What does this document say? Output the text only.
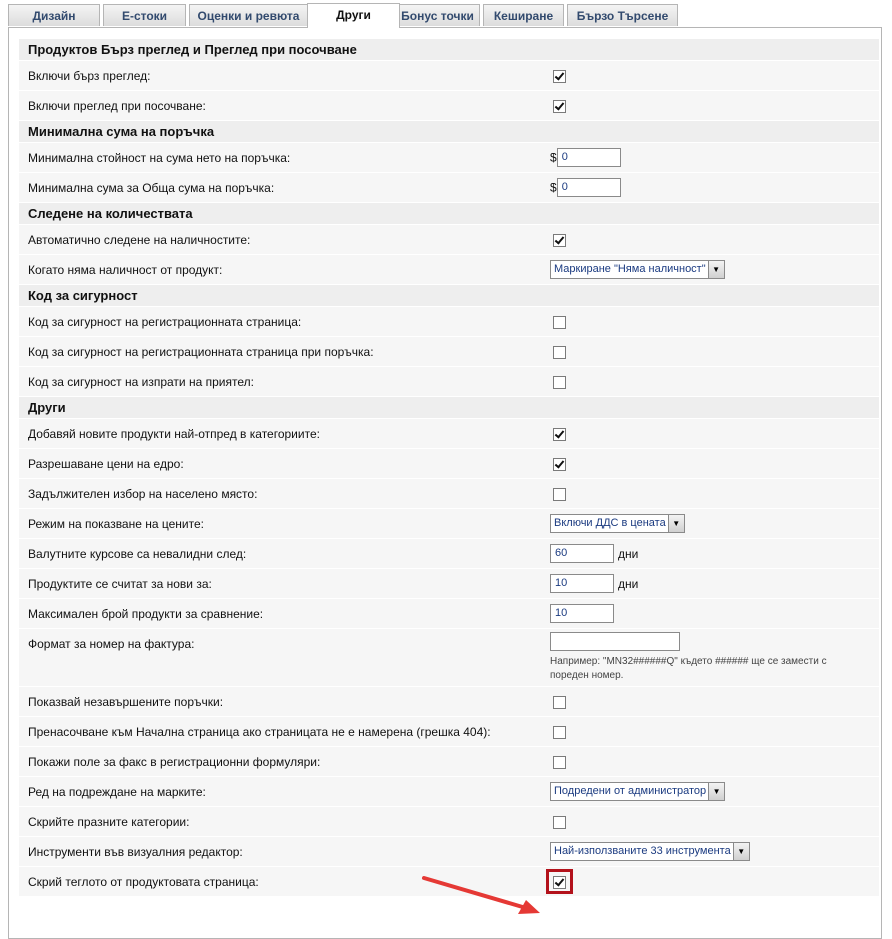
Дизайн	Е-стоки	Оценки и ревюта	Други	Бонус точки	Кеширане	Бързо Търсене
Продуктов Бърз преглед и Преглед при посочване	
Включи бърз преглед:	
Включи преглед при посочване:	
Минимална сума на поръчка	
Минимална стойност на сума нето на поръчка:	$ 0
Минимална сума за Обща сума на поръчка:	$ 0
Следене на количествата	
Автоматично следене на наличностите:	
Когато няма наличност от продукт:	Маркиране "Няма наличност" ▼

Код за сигурност	
Код за сигурност на регистрационната страница:	
Код за сигурност на регистрационната страница при поръчка:	
Код за сигурност на изпрати на приятел:	
Други	
Добавяй новите продукти най-отпред в категориите:	
Разрешаване цени на едро:	
Задължителен избор на населено място:	
Режим на показване на цените:	Включи ДДС в цената ▼

Валутните курсове са невалидни след:	60 дни
Продуктите се считат за нови за:	10 дни
Максимален брой продукти за сравнение:	10
Формат за номер на фактура:	Например: "MN32######Q" където ###### ще се замести с пореден номер.

Показвай незавършените поръчки:	
Пренасочване към Начална страница ако страницата не е намерена (грешка 404):	
Покажи поле за факс в регистрационни формуляри:	
Ред на подреждане на марките:	Подредени от администратор ▼

Скрийте празните категории:	
Инструменти във визуалния редактор:	Най-използваните 33 инструмента ▼

Скрий теглото от продуктовата страница:	
